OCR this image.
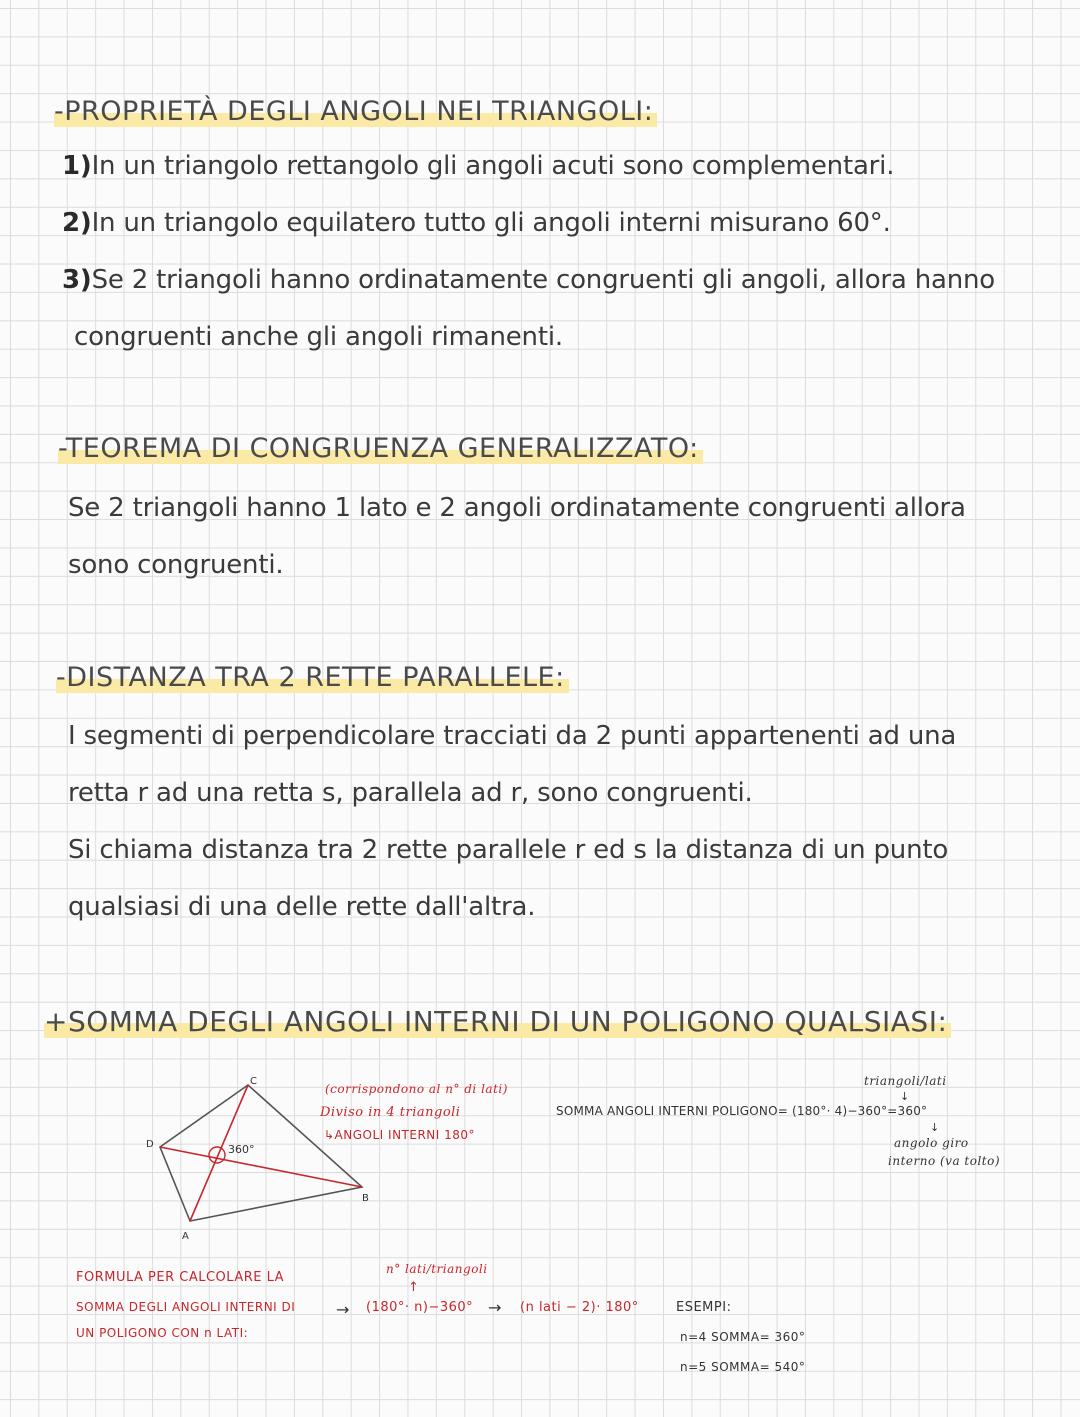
-PROPRIETÀ DEGLI ANGOLI NEI TRIANGOLI:
1)In un triangolo rettangolo gli angoli acuti sono complementari.
2)In un triangolo equilatero tutto gli angoli interni misurano 60°.
3)Se 2 triangoli hanno ordinatamente congruenti gli angoli, allora hanno
congruenti anche gli angoli rimanenti.
-TEOREMA DI CONGRUENZA GENERALIZZATO:
Se 2 triangoli hanno 1 lato e 2 angoli ordinatamente congruenti allora
sono congruenti.
-DISTANZA TRA 2 RETTE PARALLELE:
I segmenti di perpendicolare tracciati da 2 punti appartenenti ad una
retta r ad una retta s, parallela ad r, sono congruenti.
Si chiama distanza tra 2 rette parallele r ed s la distanza di un punto
qualsiasi di una delle rette dall'altra.
+SOMMA DEGLI ANGOLI INTERNI DI UN POLIGONO QUALSIASI:
360°
C
D
B
A
(corrispondono al n° di lati)
Diviso in 4 triangoli
↳ANGOLI INTERNI 180°
triangoli/lati
↓
SOMMA ANGOLI INTERNI POLIGONO= (180°· 4)−360°=360°
↓
angolo giro
interno (va tolto)
FORMULA PER CALCOLARE LA
SOMMA DEGLI ANGOLI INTERNI DI
UN POLIGONO CON n LATI:
→
n° lati/triangoli
↑
(180°· n)−360° → (n lati − 2)· 180°	ESEMPI:
n=4 SOMMA= 360°
n=5 SOMMA= 540°
